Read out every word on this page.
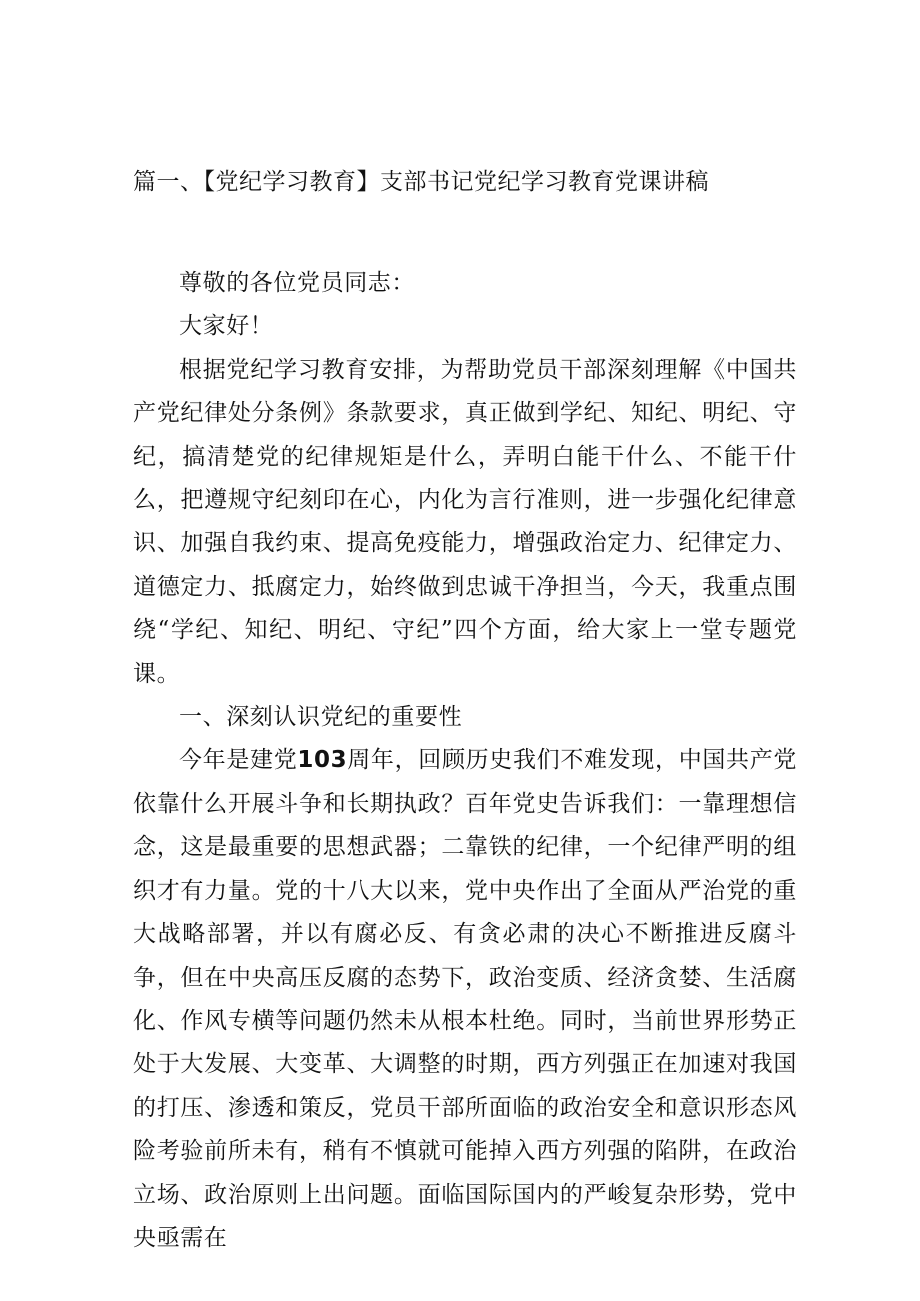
篇一、【党纪学习教育】支部书记党纪学习教育党课讲稿

尊敬的各位党员同志：

大家好！

根据党纪学习教育安排，为帮助党员干部深刻理解《中国共产党纪律处分条例》条款要求，真正做到学纪、知纪、明纪、守纪，搞清楚党的纪律规矩是什么，弄明白能干什么、不能干什么，把遵规守纪刻印在心，内化为言行准则，进一步强化纪律意识、加强自我约束、提高免疫能力，增强政治定力、纪律定力、道德定力、抵腐定力，始终做到忠诚干净担当，今天，我重点围绕“学纪、知纪、明纪、守纪”四个方面，给大家上一堂专题党课。

一、深刻认识党纪的重要性

今年是建党103周年，回顾历史我们不难发现，中国共产党依靠什么开展斗争和长期执政？百年党史告诉我们：一靠理想信念，这是最重要的思想武器；二靠铁的纪律，一个纪律严明的组织才有力量。党的十八大以来，党中央作出了全面从严治党的重大战略部署，并以有腐必反、有贪必肃的决心不断推进反腐斗争，但在中央高压反腐的态势下，政治变质、经济贪婪、生活腐化、作风专横等问题仍然未从根本杜绝。同时，当前世界形势正处于大发展、大变革、大调整的时期，西方列强正在加速对我国的打压、渗透和策反，党员干部所面临的政治安全和意识形态风险考验前所未有，稍有不慎就可能掉入西方列强的陷阱，在政治立场、政治原则上出问题。面临国际国内的严峻复杂形势，党中央亟需在
